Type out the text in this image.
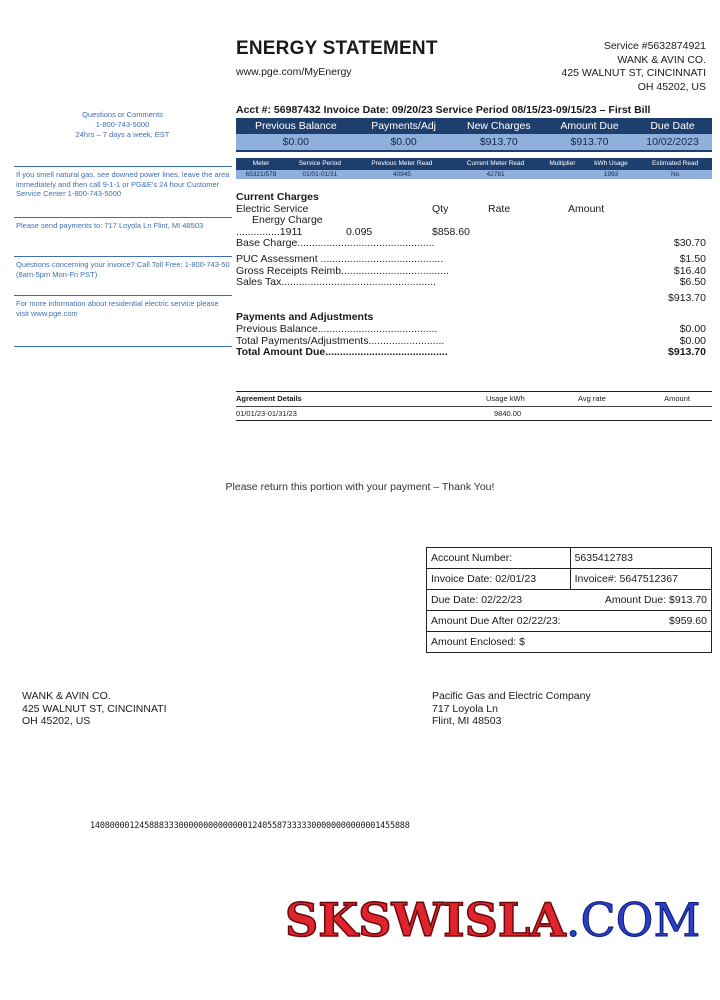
ENERGY STATEMENT
www.pge.com/MyEnergy
Service #5632874921
WANK & AVIN CO.
425 WALNUT ST, CINCINNATI
OH 45202, US
Questions or Comments
1-800-743-5000
24hrs – 7 days a week, EST
If you smell natural gas, see downed power lines, leave the area immediately and then call 9-1-1 or PG&E's 24 hour Customer Service Center 1-800-743-5000
Please send payments to: 717 Loyola Ln Flint, MI 48503
Questions concerning your invoice? Call Toll Free: 1-800-743-50 (8am-5pm Mon-Fri PST)
For more information about residential electric service please visit www.pge.com
Acct #: 56987432 Invoice Date: 09/20/23 Service Period 08/15/23-09/15/23 – First Bill
Previous Balance	Payments/Adj	New Charges	Amount Due	Due Date
$0.00	$0.00	$913.70	$913.70	10/02/2023
Meter	Service Period	Previous Meter Read	Current Meter Read	Multiplier	kWh Usage	Estimated Read
65321/578	01/01-01/31	40945	42781		1993	No
Current Charges
Electric Service	Qty	Rate	Amount
Energy Charge
...............1911	0.095	$858.60
Base Charge...............................................	$30.70
PUC Assessment ..........................................	$1.50
Gross Receipts Reimb.....................................	$16.40
Sales Tax.....................................................	$6.50
$913.70
Payments and Adjustments
Previous Balance.........................................	$0.00
Total Payments/Adjustments..........................	$0.00
Total Amount Due..........................................	$913.70
Agreement Details	Usage kWh	Avg rate	Amount
01/01/23-01/31/23	9840.00
Please return this portion with your payment – Thank You!
Account Number:	5635412783
Invoice Date: 02/01/23	Invoice#: 5647512367
Due Date: 02/22/23 Amount Due: $913.70	

Amount Due After 02/22/23: $959.60	

Amount Enclosed: $	
WANK & AVIN CO.
425 WALNUT ST, CINCINNATI
OH 45202, US
Pacific Gas and Electric Company
717 Loyola Ln
Flint, MI 48503
14080000124588833300000000000000124055873333300000000000001455888
SKSWISLA.COM
